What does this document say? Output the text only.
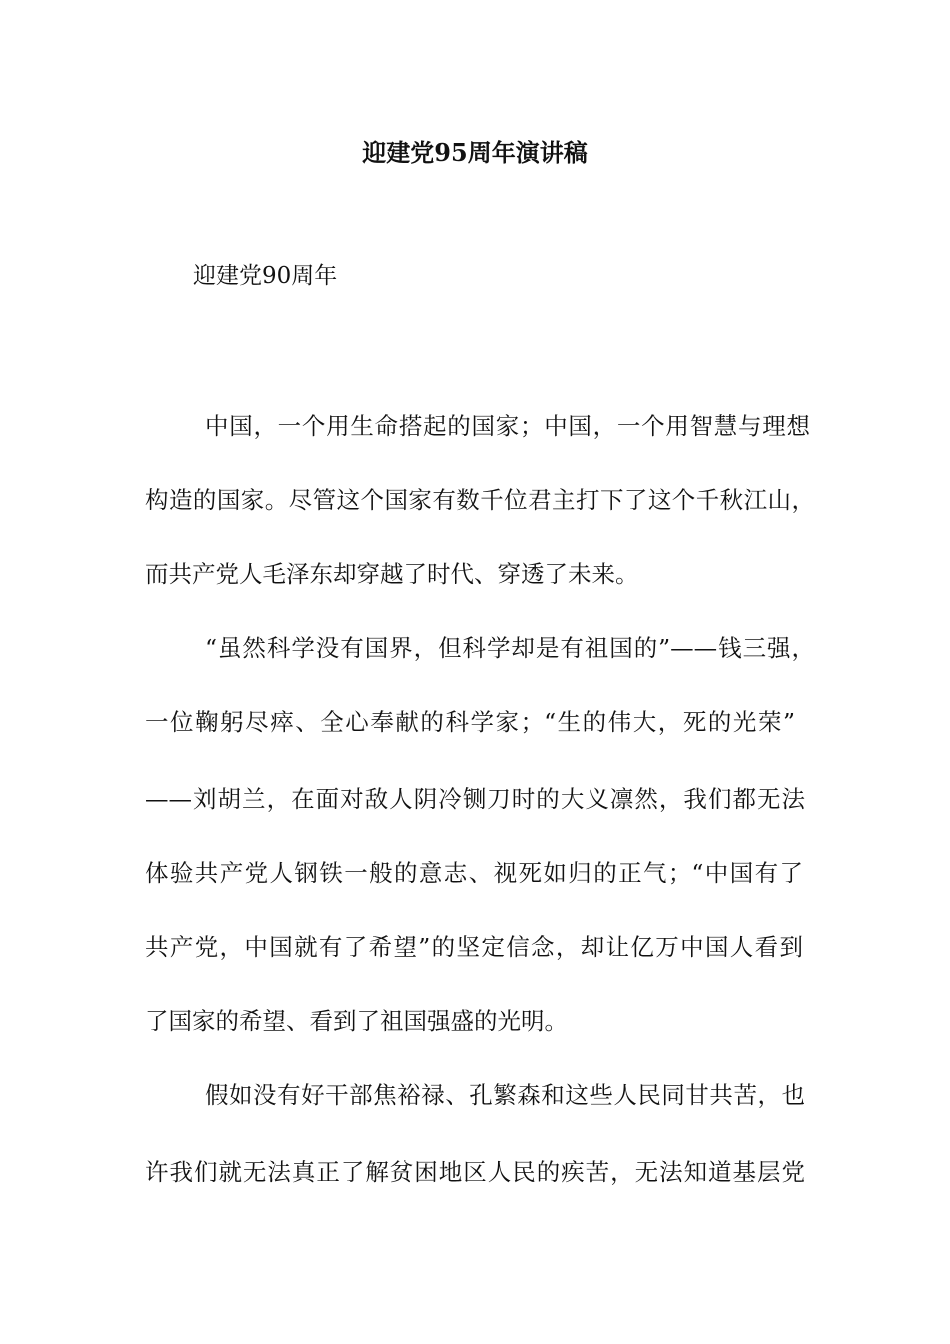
迎建党95周年演讲稿
迎建党90周年
中国，一个用生命搭起的国家；中国，一个用智慧与理想
构造的国家。尽管这个国家有数千位君主打下了这个千秋江山，
而共产党人毛泽东却穿越了时代、穿透了未来。
“虽然科学没有国界，但科学却是有祖国的”——钱三强，
一位鞠躬尽瘁、全心奉献的科学家；“生的伟大，死的光荣”
——刘胡兰，在面对敌人阴冷铡刀时的大义凛然，我们都无法
体验共产党人钢铁一般的意志、视死如归的正气；“中国有了
共产党，中国就有了希望”的坚定信念，却让亿万中国人看到
了国家的希望、看到了祖国强盛的光明。
假如没有好干部焦裕禄、孔繁森和这些人民同甘共苦，也
许我们就无法真正了解贫困地区人民的疾苦，无法知道基层党
